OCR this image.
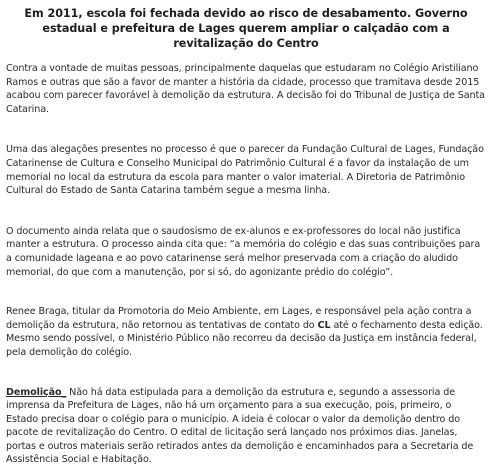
Em 2011, escola foi fechada devido ao risco de desabamento. Governo estadual e prefeitura de Lages querem ampliar o calçadão com a revitalização do Centro

Contra a vontade de muitas pessoas, principalmente daquelas que estudaram no Colégio Aristiliano Ramos e outras que são a favor de manter a história da cidade, processo que tramitava desde 2015 acabou com parecer favorável à demolição da estrutura. A decisão foi do Tribunal de Justiça de Santa Catarina.

Uma das alegações presentes no processo é que o parecer da Fundação Cultural de Lages, Fundação Catarinense de Cultura e Conselho Municipal do Patrimônio Cultural é a favor da instalação de um memorial no local da estrutura da escola para manter o valor imaterial. A Diretoria de Patrimônio Cultural do Estado de Santa Catarina também segue a mesma linha.

O documento ainda relata que o saudosismo de ex-alunos e ex-professores do local não justifica manter a estrutura. O processo ainda cita que: “a memória do colégio e das suas contribuições para a comunidade lageana e ao povo catarinense será melhor preservada com a criação do aludido memorial, do que com a manutenção, por si só, do agonizante prédio do colégio”.

Renee Braga, titular da Promotoria do Meio Ambiente, em Lages, e responsável pela ação contra a demolição da estrutura, não retornou as tentativas de contato do CL até o fechamento desta edição. Mesmo sendo possível, o Ministério Público não recorreu da decisão da Justiça em instância federal, pela demolição do colégio.

Demolição_ Não há data estipulada para a demolição da estrutura e, segundo a assessoria de imprensa da Prefeitura de Lages, não há um orçamento para a sua execução, pois, primeiro, o Estado precisa doar o colégio para o município. A ideia é colocar o valor da demolição dentro do pacote de revitalização do Centro. O edital de licitação será lançado nos próximos dias. Janelas, portas e outros materiais serão retirados antes da demolição e encaminhados para a Secretaria de Assistência Social e Habitação.
